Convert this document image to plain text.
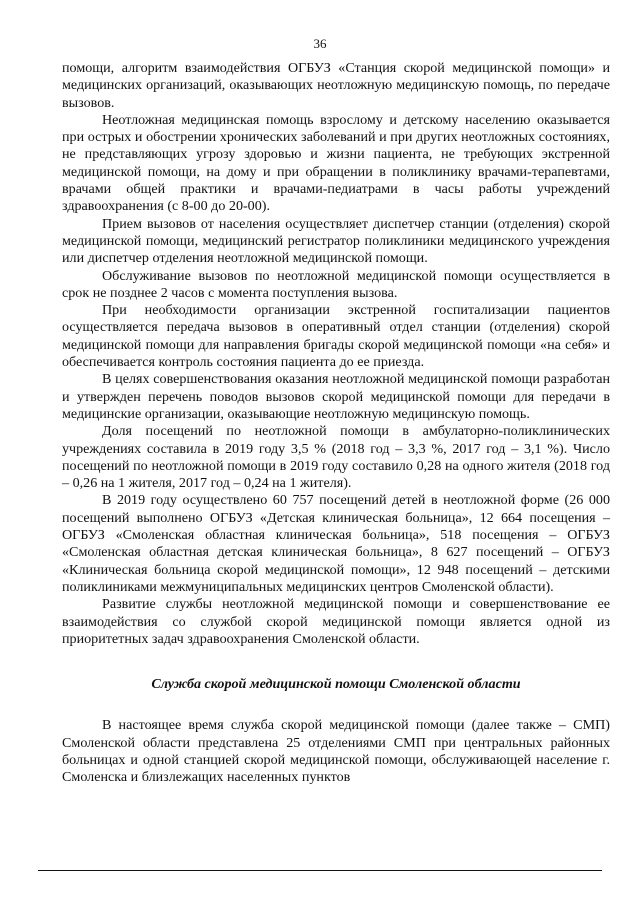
36

помощи, алгоритм взаимодействия ОГБУЗ «Станция скорой медицинской помощи» и медицинских организаций, оказывающих неотложную медицинскую помощь, по передаче вызовов.

Неотложная медицинская помощь взрослому и детскому населению оказывается при острых и обострении хронических заболеваний и при других неотложных состояниях, не представляющих угрозу здоровью и жизни пациента, не требующих экстренной медицинской помощи, на дому и при обращении в поликлинику врачами-терапевтами, врачами общей практики и врачами-педиатрами в часы работы учреждений здравоохранения (с 8-00 до 20-00).

Прием вызовов от населения осуществляет диспетчер станции (отделения) скорой медицинской помощи, медицинский регистратор поликлиники медицинского учреждения или диспетчер отделения неотложной медицинской помощи.

Обслуживание вызовов по неотложной медицинской помощи осуществляется в срок не позднее 2 часов с момента поступления вызова.

При необходимости организации экстренной госпитализации пациентов осуществляется передача вызовов в оперативный отдел станции (отделения) скорой медицинской помощи для направления бригады скорой медицинской помощи «на себя» и обеспечивается контроль состояния пациента до ее приезда.

В целях совершенствования оказания неотложной медицинской помощи разработан и утвержден перечень поводов вызовов скорой медицинской помощи для передачи в медицинские организации, оказывающие неотложную медицинскую помощь.

Доля посещений по неотложной помощи в амбулаторно-поликлинических учреждениях составила в 2019 году 3,5 % (2018 год – 3,3 %, 2017 год – 3,1 %). Число посещений по неотложной помощи в 2019 году составило 0,28 на одного жителя (2018 год – 0,26 на 1 жителя, 2017 год – 0,24 на 1 жителя).

В 2019 году осуществлено 60 757 посещений детей в неотложной форме (26 000 посещений выполнено ОГБУЗ «Детская клиническая больница», 12 664 посещения – ОГБУЗ «Смоленская областная клиническая больница», 518 посещения – ОГБУЗ «Смоленская областная детская клиническая больница», 8 627 посещений – ОГБУЗ «Клиническая больница скорой медицинской помощи», 12 948 посещений – детскими поликлиниками межмуниципальных медицинских центров Смоленской области).

Развитие службы неотложной медицинской помощи и совершенствование ее взаимодействия со службой скорой медицинской помощи является одной из приоритетных задач здравоохранения Смоленской области.

Служба скорой медицинской помощи Смоленской области

В настоящее время служба скорой медицинской помощи (далее также – СМП) Смоленской области представлена 25 отделениями СМП при центральных районных больницах и одной станцией скорой медицинской помощи, обслуживающей население г. Смоленска и близлежащих населенных пунктов
